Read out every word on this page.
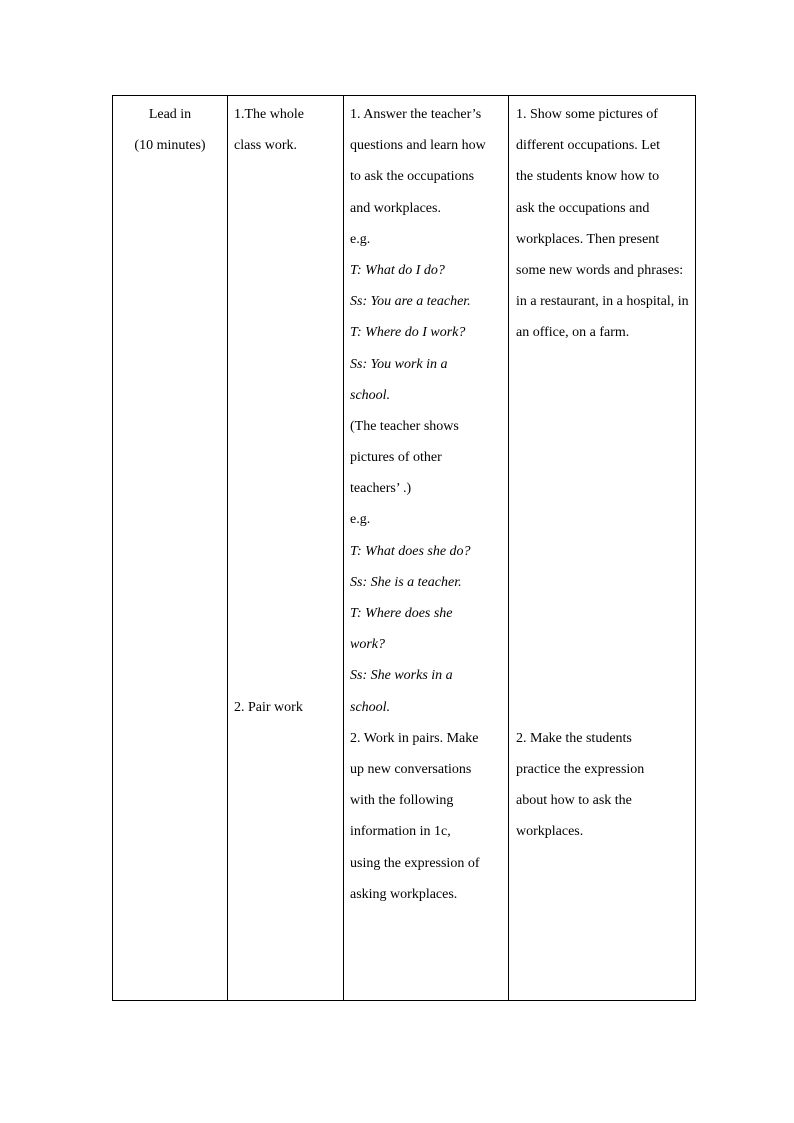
Lead in
(10 minutes)
1.The whole
class work.
2. Pair work
1. Answer the teacher’s
questions and learn how
to ask the occupations
and workplaces.
e.g.
T: What do I do?
Ss: You are a teacher.
T: Where do I work?
Ss: You work in a
school.
(The teacher shows
pictures of other
teachers’ .)
e.g.
T: What does she do?
Ss: She is a teacher.
T: Where does she
work?
Ss: She works in a
school.
2. Work in pairs. Make
up new conversations
with the following
information in 1c,
using the expression of
asking workplaces.
1. Show some pictures of
different occupations. Let
the students know how to
ask the occupations and
workplaces. Then present
some new words and phrases:
in a restaurant, in a hospital, in
an office, on a farm.
2. Make the students
practice the expression
about how to ask the
workplaces.
